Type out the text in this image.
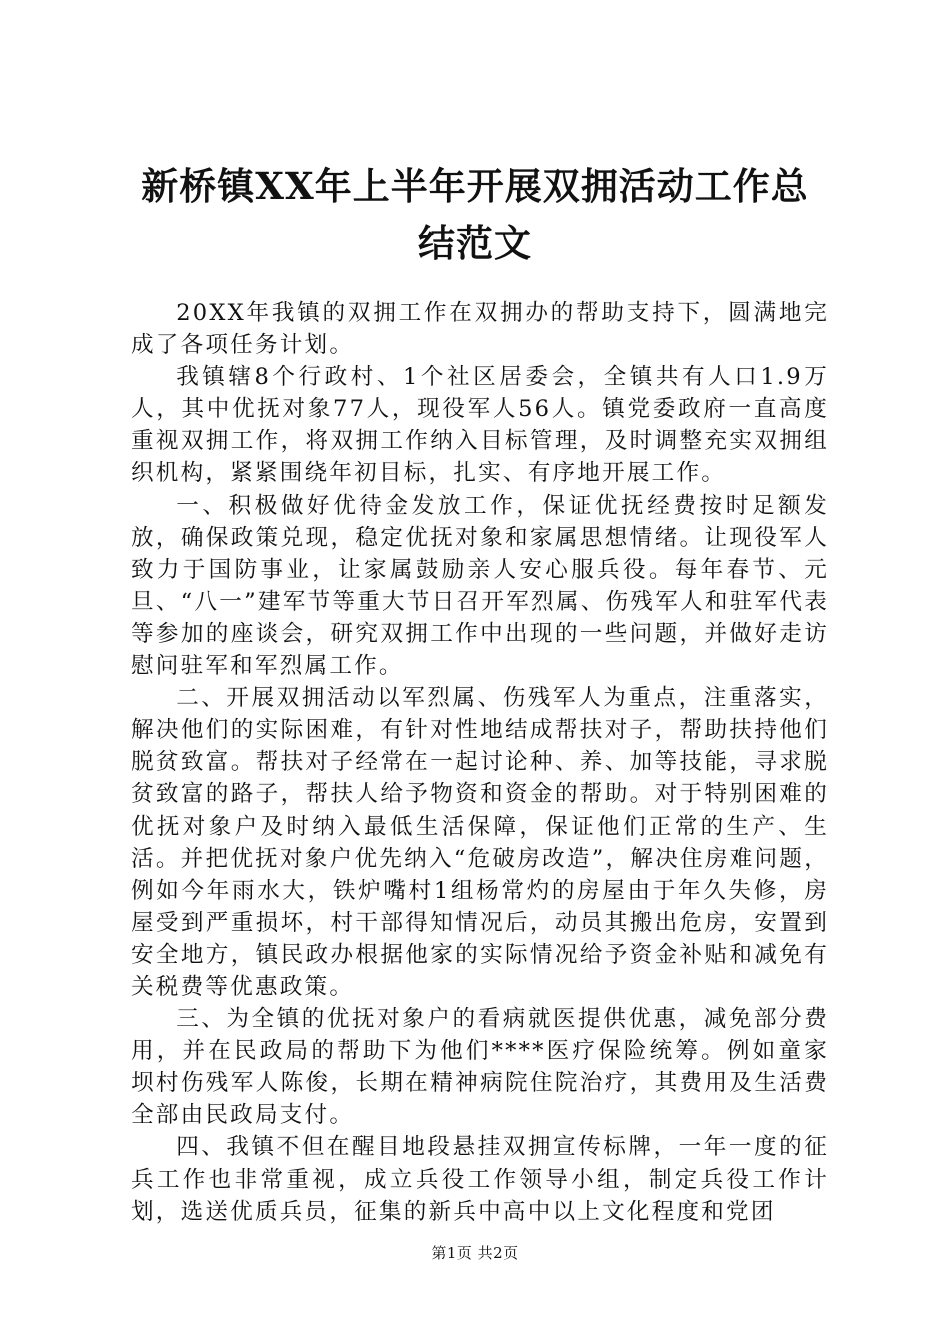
新桥镇XX年上半年开展双拥活动工作总结范文

20XX年我镇的双拥工作在双拥办的帮助支持下，圆满地完成了各项任务计划。

我镇辖8个行政村、1个社区居委会，全镇共有人口1.9万人，其中优抚对象77人，现役军人56人。镇党委政府一直高度重视双拥工作，将双拥工作纳入目标管理，及时调整充实双拥组织机构，紧紧围绕年初目标，扎实、有序地开展工作。

一、积极做好优待金发放工作，保证优抚经费按时足额发放，确保政策兑现，稳定优抚对象和家属思想情绪。让现役军人致力于国防事业，让家属鼓励亲人安心服兵役。每年春节、元旦、“八一”建军节等重大节日召开军烈属、伤残军人和驻军代表等参加的座谈会，研究双拥工作中出现的一些问题，并做好走访慰问驻军和军烈属工作。

二、开展双拥活动以军烈属、伤残军人为重点，注重落实，解决他们的实际困难，有针对性地结成帮扶对子，帮助扶持他们脱贫致富。帮扶对子经常在一起讨论种、养、加等技能，寻求脱贫致富的路子，帮扶人给予物资和资金的帮助。对于特别困难的优抚对象户及时纳入最低生活保障，保证他们正常的生产、生活。并把优抚对象户优先纳入“危破房改造”，解决住房难问题，例如今年雨水大，铁炉嘴村1组杨常灼的房屋由于年久失修，房屋受到严重损坏，村干部得知情况后，动员其搬出危房，安置到安全地方，镇民政办根据他家的实际情况给予资金补贴和减免有关税费等优惠政策。

三、为全镇的优抚对象户的看病就医提供优惠，减免部分费用，并在民政局的帮助下为他们****医疗保险统筹。例如童家坝村伤残军人陈俊，长期在精神病院住院治疗，其费用及生活费全部由民政局支付。

四、我镇不但在醒目地段悬挂双拥宣传标牌，一年一度的征兵工作也非常重视，成立兵役工作领导小组，制定兵役工作计划，选送优质兵员，征集的新兵中高中以上文化程度和党团

第1页 共2页
